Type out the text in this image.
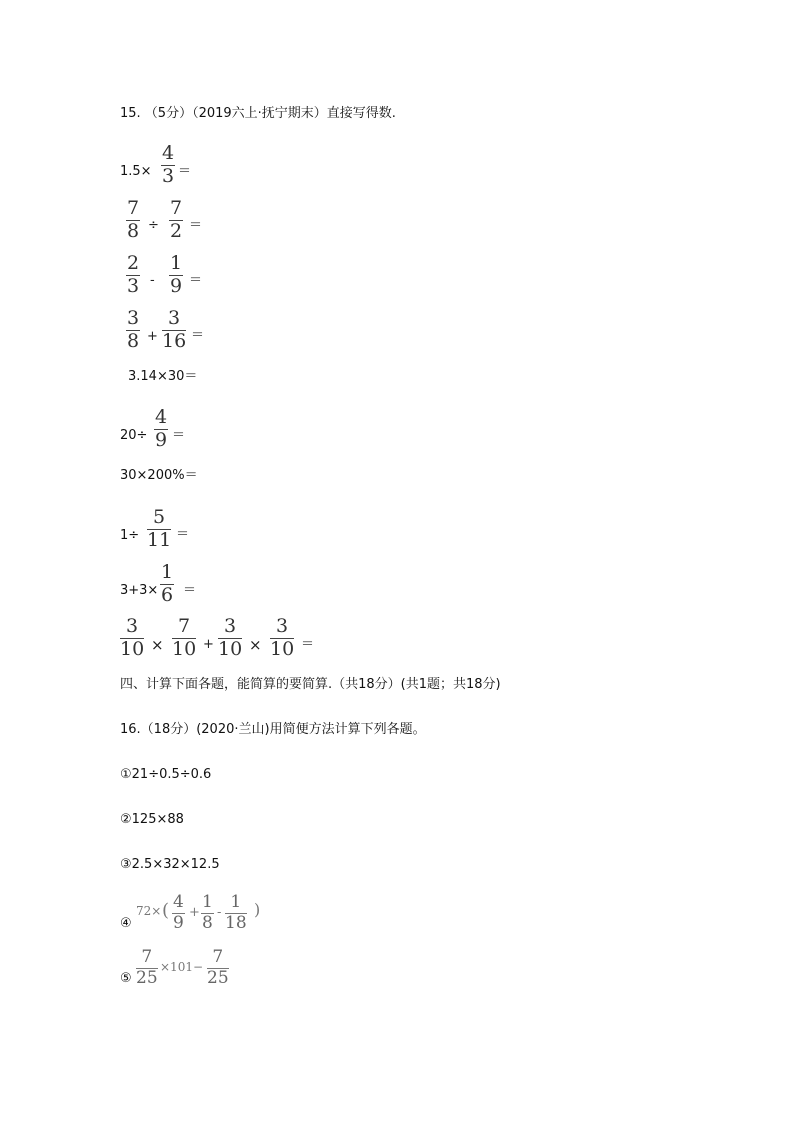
15. （5分）（2019六上·抚宁期末）直接写得数.
1.5×
4
3 ＝
7
8 ÷
7
2 ＝
2
3 -
1
9 ＝
3
8 +
3
16 ＝
3.14×30＝
20÷
4
9 ＝
30×200%＝
1÷
5
11 ＝
3+3×
1
6 ＝
3
10 ×
7
10 +
3
10 ×
3
10 ＝
四、计算下面各题，能简算的要简算.（共18分）(共1题；共18分)
16.（18分）(2020·兰山)用简便方法计算下列各题。
①21÷0.5÷0.6
②125×88
③2.5×32×12.5
④
72× ( 4
9
+
1
8
-
1
18
)
⑤
7
25
×101− 7
25
